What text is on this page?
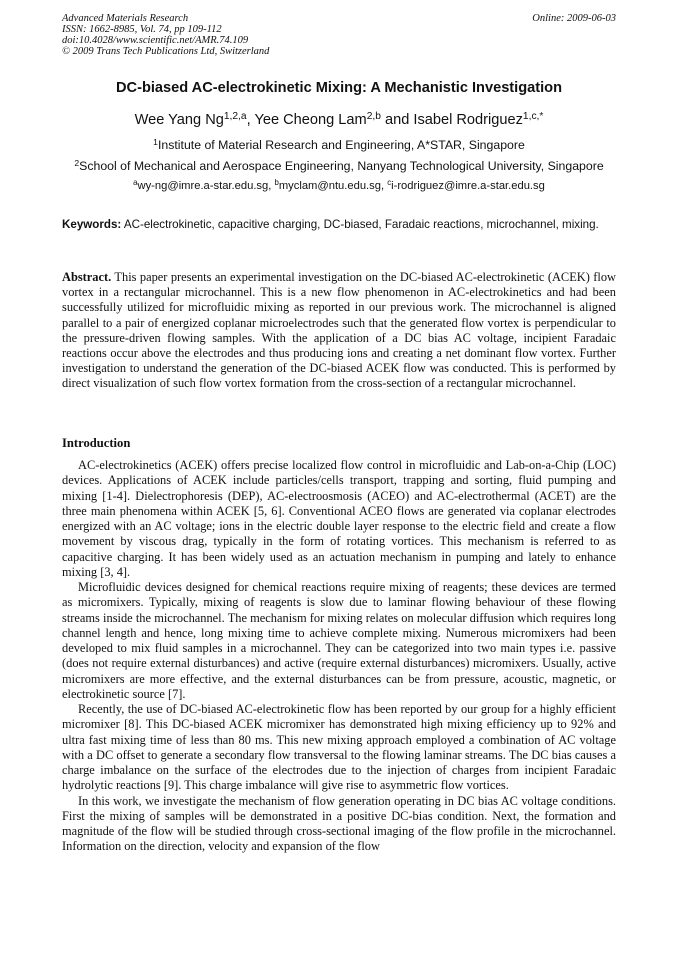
Advanced Materials Research
ISSN: 1662-8985, Vol. 74, pp 109-112
doi:10.4028/www.scientific.net/AMR.74.109
© 2009 Trans Tech Publications Ltd, Switzerland
Online: 2009-06-03
DC-biased AC-electrokinetic Mixing: A Mechanistic Investigation
Wee Yang Ng$^{1,2,a}$, Yee Cheong Lam$^{2,b}$ and Isabel Rodriguez$^{1,c,*}$
$^1$Institute of Material Research and Engineering, A*STAR, Singapore
$^2$School of Mechanical and Aerospace Engineering, Nanyang Technological University, Singapore
$^a$wy-ng@imre.a-star.edu.sg, $^b$myclam@ntu.edu.sg, $^c$i-rodriguez@imre.a-star.edu.sg
Keywords: AC-electrokinetic, capacitive charging, DC-biased, Faradaic reactions, microchannel, mixing.
Abstract. This paper presents an experimental investigation on the DC-biased AC-electrokinetic (ACEK) flow vortex in a rectangular microchannel. This is a new flow phenomenon in AC-electrokinetics and had been successfully utilized for microfluidic mixing as reported in our previous work. The microchannel is aligned parallel to a pair of energized coplanar microelectrodes such that the generated flow vortex is perpendicular to the pressure-driven flowing samples. With the application of a DC bias AC voltage, incipient Faradaic reactions occur above the electrodes and thus producing ions and creating a net dominant flow vortex. Further investigation to understand the generation of the DC-biased ACEK flow was conducted. This is performed by direct visualization of such flow vortex formation from the cross-section of a rectangular microchannel.
Introduction

AC-electrokinetics (ACEK) offers precise localized flow control in microfluidic and Lab-on-a-Chip (LOC) devices. Applications of ACEK include particles/cells transport, trapping and sorting, fluid pumping and mixing [1-4]. Dielectrophoresis (DEP), AC-electroosmosis (ACEO) and AC-electrothermal (ACET) are the three main phenomena within ACEK [5, 6]. Conventional ACEO flows are generated via coplanar electrodes energized with an AC voltage; ions in the electric double layer response to the electric field and create a flow movement by viscous drag, typically in the form of rotating vortices. This mechanism is referred to as capacitive charging. It has been widely used as an actuation mechanism in pumping and lately to enhance mixing [3, 4].

Microfluidic devices designed for chemical reactions require mixing of reagents; these devices are termed as micromixers. Typically, mixing of reagents is slow due to laminar flowing behaviour of these flowing streams inside the microchannel. The mechanism for mixing relates on molecular diffusion which requires long channel length and hence, long mixing time to achieve complete mixing. Numerous micromixers had been developed to mix fluid samples in a microchannel. They can be categorized into two main types i.e. passive (does not require external disturbances) and active (require external disturbances) micromixers. Usually, active micromixers are more effective, and the external disturbances can be from pressure, acoustic, magnetic, or electrokinetic source [7].

Recently, the use of DC-biased AC-electrokinetic flow has been reported by our group for a highly efficient micromixer [8]. This DC-biased ACEK micromixer has demonstrated high mixing efficiency up to 92% and ultra fast mixing time of less than 80 ms. This new mixing approach employed a combination of AC voltage with a DC offset to generate a secondary flow transversal to the flowing laminar streams. The DC bias causes a charge imbalance on the surface of the electrodes due to the injection of charges from incipient Faradaic hydrolytic reactions [9]. This charge imbalance will give rise to asymmetric flow vortices.

In this work, we investigate the mechanism of flow generation operating in DC bias AC voltage conditions. First the mixing of samples will be demonstrated in a positive DC-bias condition. Next, the formation and magnitude of the flow will be studied through cross-sectional imaging of the flow profile in the microchannel. Information on the direction, velocity and expansion of the flow
